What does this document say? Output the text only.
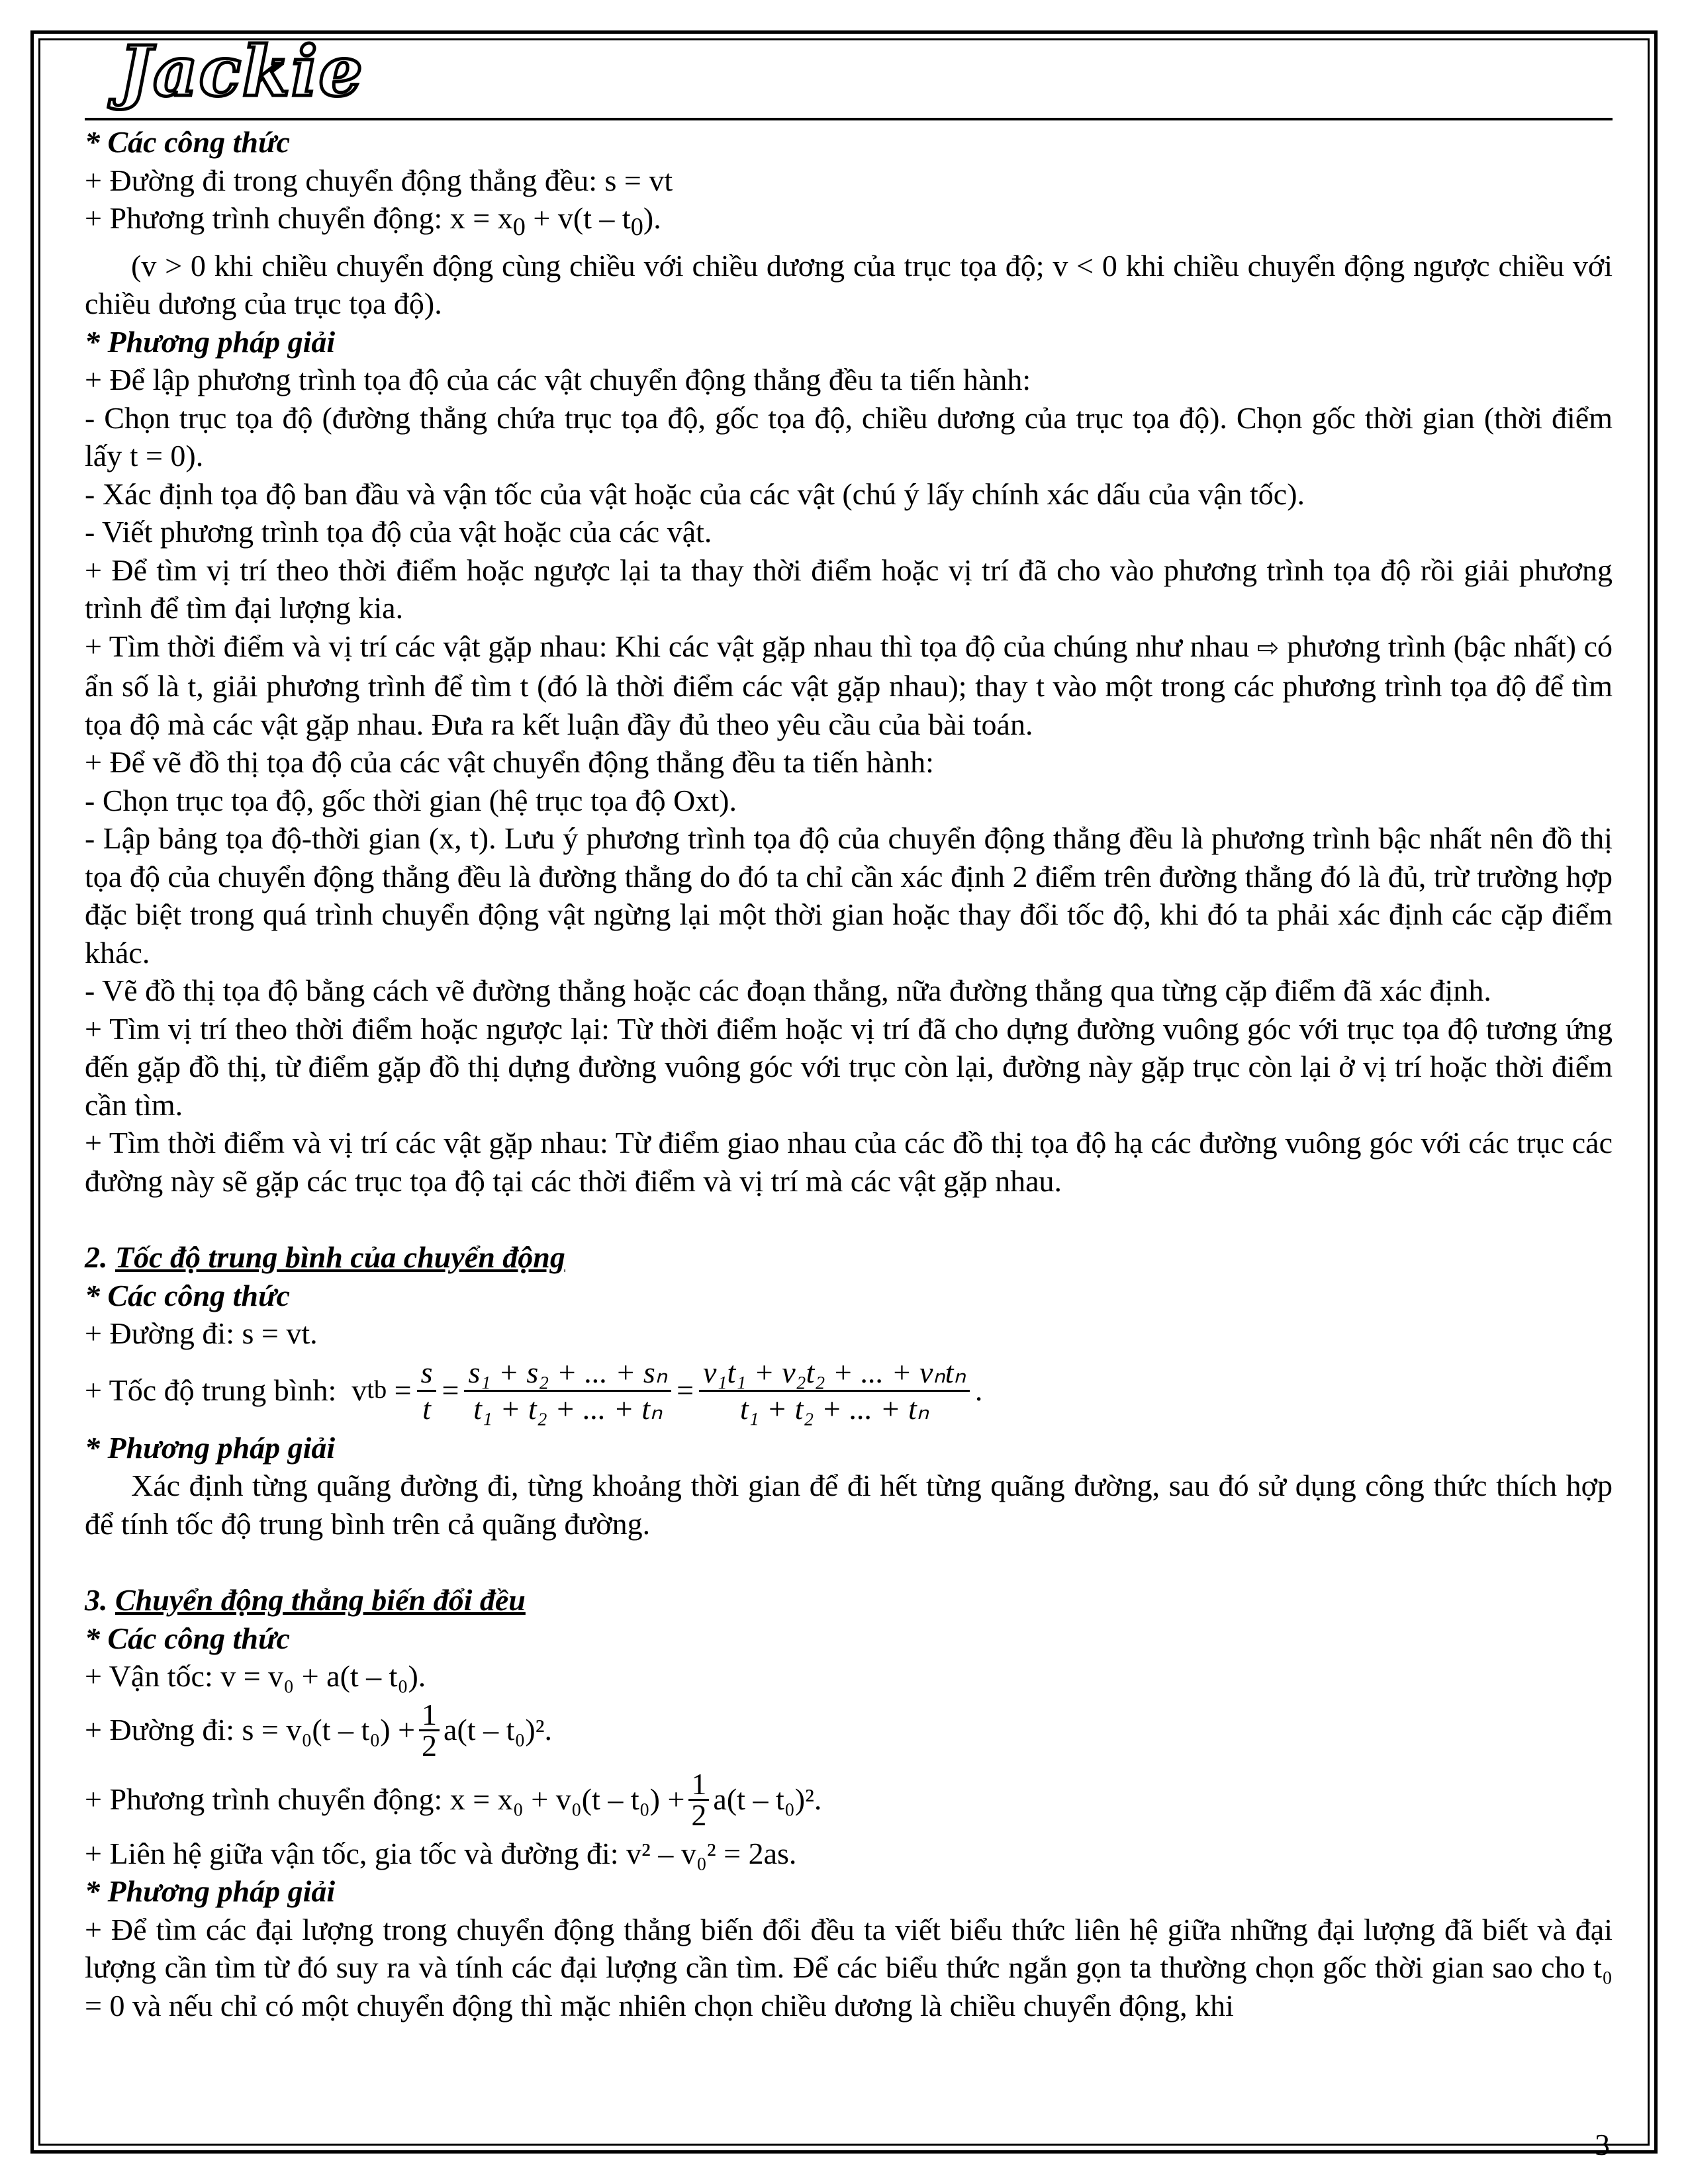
Jackie

* Các công thức

+ Đường đi trong chuyển động thẳng đều: s = vt

+ Phương trình chuyển động: $x = x_0 + v(t - t_0)$.

(v > 0 khi chiều chuyển động cùng chiều với chiều dương của trục tọa độ; v < 0 khi chiều chuyển động ngược chiều với chiều dương của trục tọa độ).

* Phương pháp giải

+ Để lập phương trình tọa độ của các vật chuyển động thẳng đều ta tiến hành:

- Chọn trục tọa độ (đường thẳng chứa trục tọa độ, gốc tọa độ, chiều dương của trục tọa độ). Chọn gốc thời gian (thời điểm lấy t = 0).

- Xác định tọa độ ban đầu và vận tốc của vật hoặc của các vật (chú ý lấy chính xác dấu của vận tốc).

- Viết phương trình tọa độ của vật hoặc của các vật.

+ Để tìm vị trí theo thời điểm hoặc ngược lại ta thay thời điểm hoặc vị trí đã cho vào phương trình tọa độ rồi giải phương trình để tìm đại lượng kia.

+ Tìm thời điểm và vị trí các vật gặp nhau: Khi các vật gặp nhau thì tọa độ của chúng như nhau ⇨ phương trình (bậc nhất) có ẩn số là t, giải phương trình để tìm t (đó là thời điểm các vật gặp nhau); thay t vào một trong các phương trình tọa độ để tìm tọa độ mà các vật gặp nhau. Đưa ra kết luận đầy đủ theo yêu cầu của bài toán.

+ Để vẽ đồ thị tọa độ của các vật chuyển động thẳng đều ta tiến hành:

- Chọn trục tọa độ, gốc thời gian (hệ trục tọa độ Oxt).

- Lập bảng tọa độ-thời gian (x, t). Lưu ý phương trình tọa độ của chuyển động thẳng đều là phương trình bậc nhất nên đồ thị tọa độ của chuyển động thẳng đều là đường thẳng do đó ta chỉ cần xác định 2 điểm trên đường thẳng đó là đủ, trừ trường hợp đặc biệt trong quá trình chuyển động vật ngừng lại một thời gian hoặc thay đổi tốc độ, khi đó ta phải xác định các cặp điểm khác.

- Vẽ đồ thị tọa độ bằng cách vẽ đường thẳng hoặc các đoạn thẳng, nữa đường thẳng qua từng cặp điểm đã xác định.

+ Tìm vị trí theo thời điểm hoặc ngược lại: Từ thời điểm hoặc vị trí đã cho dựng đường vuông góc với trục tọa độ tương ứng đến gặp đồ thị, từ điểm gặp đồ thị dựng đường vuông góc với trục còn lại, đường này gặp trục còn lại ở vị trí hoặc thời điểm cần tìm.

+ Tìm thời điểm và vị trí các vật gặp nhau: Từ điểm giao nhau của các đồ thị tọa độ hạ các đường vuông góc với các trục các đường này sẽ gặp các trục tọa độ tại các thời điểm và vị trí mà các vật gặp nhau.

2. Tốc độ trung bình của chuyển động

* Các công thức

+ Đường đi: s = vt.

+ Tốc độ trung bình:
v tb
= $\frac{s}{t} = \frac{\text{s₁ + s₂ + ... + sₙ}}{\text{t₁ + t₂ + ... + tₙ}} = \frac{\text{v₁t₁ + v₂t₂ + ... + vₙtₙ}}{\text{t₁ + t₂ + ... + tₙ}}$ .

* Phương pháp giải

Xác định từng quãng đường đi, từng khoảng thời gian để đi hết từng quãng đường, sau đó sử dụng công thức thích hợp để tính tốc độ trung bình trên cả quãng đường.

3. Chuyển động thẳng biến đổi đều

* Các công thức

+ Vận tốc: v = v₀ + a(t – t₀).

+ Đường đi: $s = v_0(t - t_0) + \frac{1}{2} a(t - t_0)^2$.
+ Phương trình chuyển động: $x = x_0 + v_0(t - t_0) + \frac{1}{2} a(t - t_0)^2$.

+ Liên hệ giữa vận tốc, gia tốc và đường đi: v² – v₀² = 2as.

* Phương pháp giải

+ Để tìm các đại lượng trong chuyển động thẳng biến đổi đều ta viết biểu thức liên hệ giữa những đại lượng đã biết và đại lượng cần tìm từ đó suy ra và tính các đại lượng cần tìm. Để các biểu thức ngắn gọn ta thường chọn gốc thời gian sao cho t₀ = 0 và nếu chỉ có một chuyển động thì mặc nhiên chọn chiều dương là chiều chuyển động, khi

3
